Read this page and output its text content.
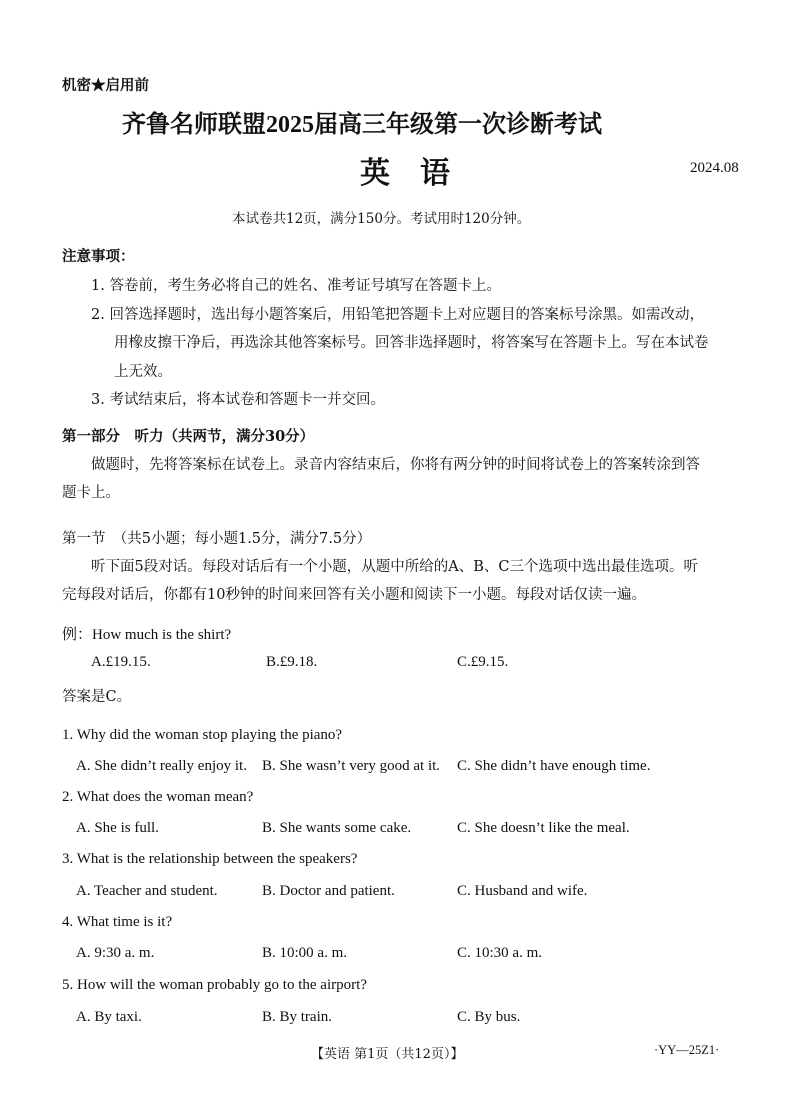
机密★启用前
齐鲁名师联盟2025届高三年级第一次诊断考试
英　语	2024.08
本试卷共12页，满分150分。考试用时120分钟。
注意事项：
1. 答卷前，考生务必将自己的姓名、准考证号填写在答题卡上。
2. 回答选择题时，选出每小题答案后，用铅笔把答题卡上对应题目的答案标号涂黑。如需改动，
用橡皮擦干净后，再选涂其他答案标号。回答非选择题时，将答案写在答题卡上。写在本试卷
上无效。
3. 考试结束后，将本试卷和答题卡一并交回。
第一部分　听力（共两节，满分30分）
做题时，先将答案标在试卷上。录音内容结束后，你将有两分钟的时间将试卷上的答案转涂到答
题卡上。
第一节　（共5小题；每小题1.5分，满分7.5分）
听下面5段对话。每段对话后有一个小题，从题中所给的A、B、C三个选项中选出最佳选项。听
完每段对话后，你都有10秒钟的时间来回答有关小题和阅读下一小题。每段对话仅读一遍。
例：How much is the shirt?
A.£19.15.	B.£9.18.	C.£9.15.
答案是C。
1. Why did the woman stop playing the piano?
A. She didn’t really enjoy it. B. She wasn’t very good at it. C. She didn’t have enough time.
2. What does the woman mean?
A. She is full.	B. She wants some cake.	C. She doesn’t like the meal.
3. What is the relationship between the speakers?
A. Teacher and student.	B. Doctor and patient.	C. Husband and wife.
4. What time is it?
A. 9:30 a. m.	B. 10:00 a. m.	C. 10:30 a. m.
5. How will the woman probably go to the airport?
A. By taxi.	B. By train.	C. By bus.
【英语 第1页（共12页）】	·YY—25Z1·
